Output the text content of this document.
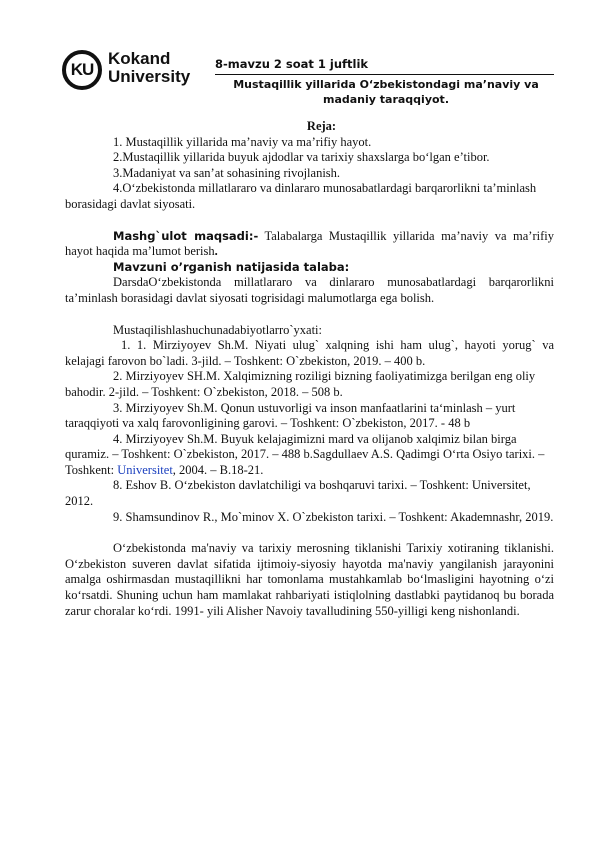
KU
Kokand
University
8-mavzu 2 soat 1 juftlik
Mustaqillik yillarida O‘zbekistondagi ma’naviy va madaniy taraqqiyot.

Reja:

1. Mustaqillik yillarida ma’naviy va ma’rifiy hayot.

2.Mustaqillik yillarida buyuk ajdodlar va tarixiy shaxslarga bo‘lgan e’tibor.

3.Madaniyat va san’at sohasining rivojlanish.

4.O‘zbekistonda millatlararo va dinlararo munosabatlardagi barqarorlikni ta’minlash borasidagi davlat siyosati.

Mashg`ulot maqsadi:- Talabalarga Mustaqillik yillarida ma’naviy va ma’rifiy hayot haqida ma’lumot berish.

Mavzuni o’rganish natijasida talaba:

DarsdaO‘zbekistonda millatlararo va dinlararo munosabatlardagi barqarorlikni ta’minlash borasidagi davlat siyosati togrisidagi malumotlarga ega bolish.

Mustaqilishlashuchunadabiyotlarro`yxati:

1. 1. Mirziyoyev Sh.M. Niyati ulug` xalqning ishi ham ulug`, hayoti yorug` va kelajagi farovon bo`ladi. 3-jild. – Toshkent: O`zbekiston, 2019. – 400 b.

2. Mirziyoyev SH.M. Xalqimizning roziligi bizning faoliyatimizga berilgan eng oliy bahodir. 2-jild. – Toshkent: O`zbekiston, 2018. – 508 b.

3. Mirziyoyev Sh.M. Qonun ustuvorligi va inson manfaatlarini ta‘minlash – yurt taraqqiyoti va xalq farovonligining garovi. – Toshkent: O`zbekiston, 2017. - 48 b

4. Mirziyoyev Sh.M. Buyuk kelajagimizni mard va olijanob xalqimiz bilan birga quramiz. – Toshkent: O`zbekiston, 2017. – 488 b.Sagdullaev A.S. Qadimgi O‘rta Osiyo tarixi. – Toshkent: Universitet, 2004. – B.18-21.

8. Eshov B. O‘zbekiston davlatchiligi va boshqaruvi tarixi. – Toshkent: Universitet, 2012.

9. Shamsundinov R., Mo`minov X. O`zbekiston tarixi. – Toshkent: Akademnashr, 2019.

O‘zbekistonda ma'naviy va tarixiy merosning tiklanishi Tarixiy xotiraning tiklanishi. O‘zbekiston suveren davlat sifatida ijtimoiy-siyosiy hayotda ma'naviy yangilanish jarayonini amalga oshirmasdan mustaqillikni har tomonlama mustahkamlab bo‘lmasligini hayotning o‘zi ko‘rsatdi. Shuning uchun ham mamlakat rahbariyati istiqlolning dastlabki paytidanoq bu borada zarur choralar ko‘rdi. 1991- yili Alisher Navoiy tavalludining 550-yilligi keng nishonlandi.
